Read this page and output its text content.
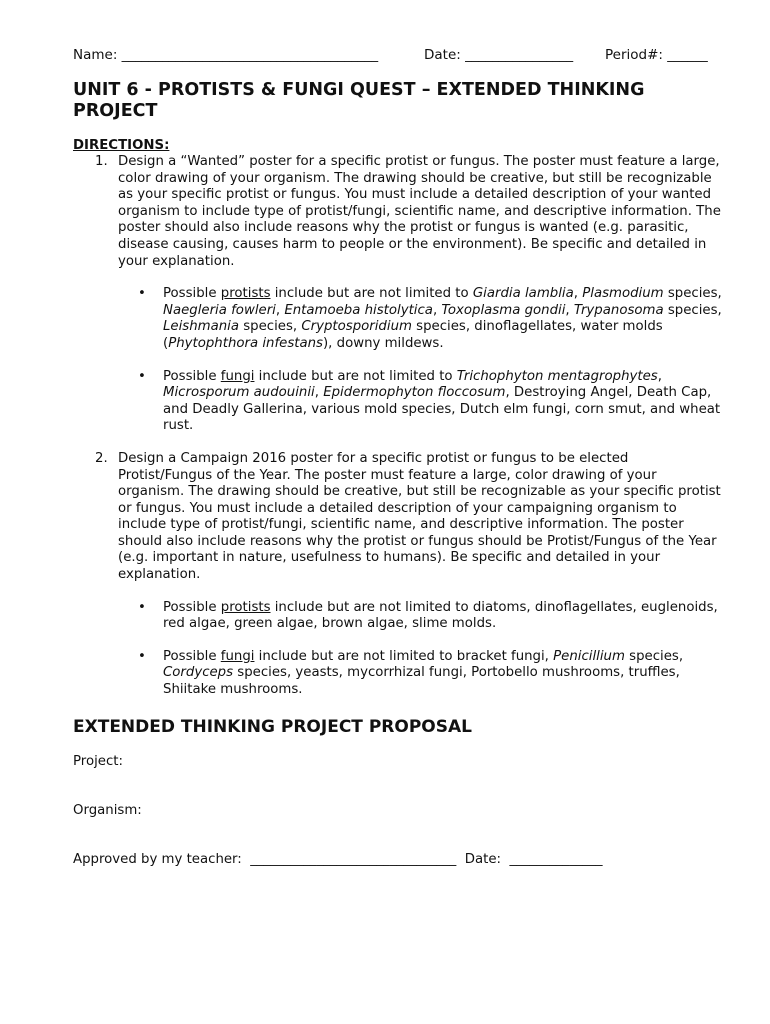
Name: ______________________________________

	Date: ________________

Period#: ______

UNIT 6 - PROTISTS & FUNGI QUEST – EXTENDED THINKING PROJECT
DIRECTIONS:
1. Design a “Wanted” poster for a specific protist or fungus. The poster must feature a large, color drawing of your organism. The drawing should be creative, but still be recognizable as your specific protist or fungus. You must include a detailed description of your wanted organism to include type of protist/fungi, scientific name, and descriptive information. The poster should also include reasons why the protist or fungus is wanted (e.g. parasitic, disease causing, causes harm to people or the environment). Be specific and detailed in your explanation.
• Possible protists include but are not limited to Giardia lamblia, Plasmodium species, Naegleria fowleri, Entamoeba histolytica, Toxoplasma gondii, Trypanosoma species, Leishmania species, Cryptosporidium species, dinoflagellates, water molds (Phytophthora infestans), downy mildews.
• Possible fungi include but are not limited to Trichophyton mentagrophytes, Microsporum audouinii, Epidermophyton floccosum, Destroying Angel, Death Cap, and Deadly Gallerina, various mold species, Dutch elm fungi, corn smut, and wheat rust.
2. Design a Campaign 2016 poster for a specific protist or fungus to be elected Protist/Fungus of the Year. The poster must feature a large, color drawing of your organism. The drawing should be creative, but still be recognizable as your specific protist or fungus. You must include a detailed description of your campaigning organism to include type of protist/fungi, scientific name, and descriptive information. The poster should also include reasons why the protist or fungus should be Protist/Fungus of the Year (e.g. important in nature, usefulness to humans). Be specific and detailed in your explanation.
• Possible protists include but are not limited to diatoms, dinoflagellates, euglenoids, red algae, green algae, brown algae, slime molds.
• Possible fungi include but are not limited to bracket fungi, Penicillium species, Cordyceps species, yeasts, mycorrhizal fungi, Portobello mushrooms, truffles, Shiitake mushrooms.
EXTENDED THINKING PROJECT PROPOSAL
Project:
Organism:
Approved by my teacher:  _______________________________  Date:  ______________
